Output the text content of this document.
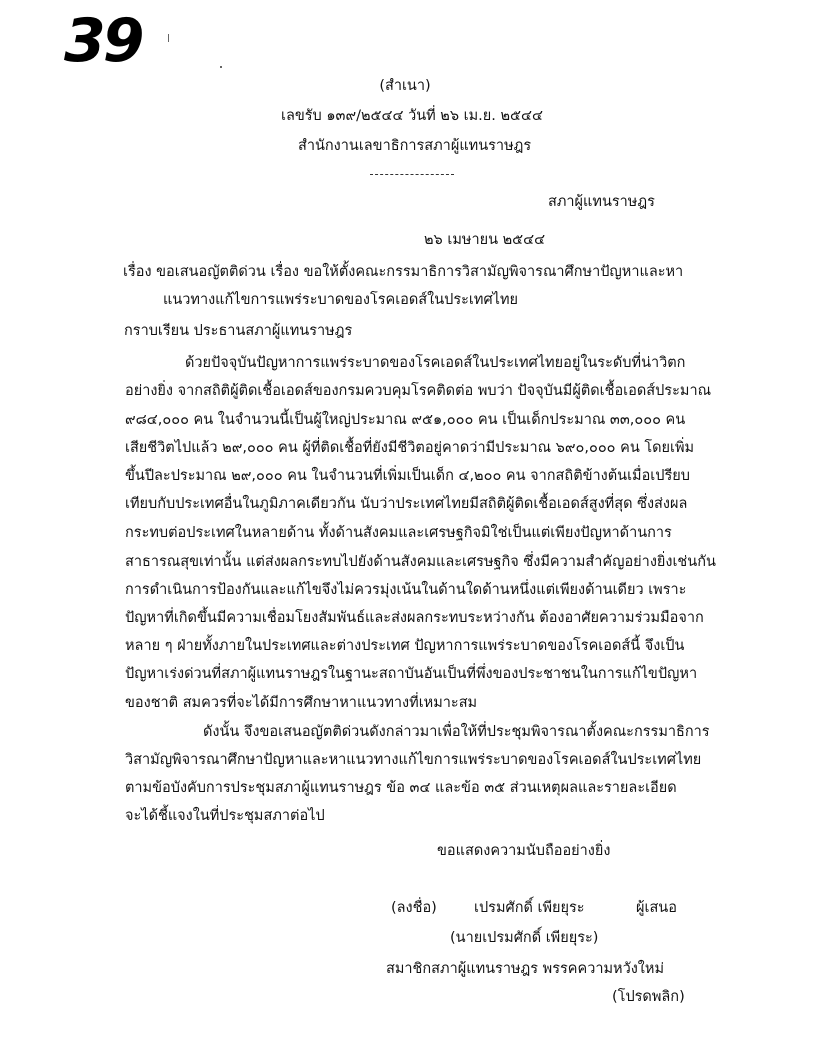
39
(สำเนา)
เลขรับ ๑๓๙/๒๕๔๔ วันที่ ๒๖ เม.ย. ๒๕๔๔
สำนักงานเลขาธิการสภาผู้แทนราษฎร
สภาผู้แทนราษฎร
๒๖ เมษายน ๒๕๔๔
เรื่อง ขอเสนอญัตติด่วน เรื่อง ขอให้ตั้งคณะกรรมาธิการวิสามัญพิจารณาศึกษาปัญหาและหา
แนวทางแก้ไขการแพร่ระบาดของโรคเอดส์ในประเทศไทย
กราบเรียน ประธานสภาผู้แทนราษฎร
ด้วยปัจจุบันปัญหาการแพร่ระบาดของโรคเอดส์ในประเทศไทยอยู่ในระดับที่น่าวิตก
อย่างยิ่ง จากสถิติผู้ติดเชื้อเอดส์ของกรมควบคุมโรคติดต่อ พบว่า ปัจจุบันมีผู้ติดเชื้อเอดส์ประมาณ
๙๘๔,๐๐๐ คน ในจำนวนนี้เป็นผู้ใหญ่ประมาณ ๙๕๑,๐๐๐ คน เป็นเด็กประมาณ ๓๓,๐๐๐ คน
เสียชีวิตไปแล้ว ๒๙,๐๐๐ คน ผู้ที่ติดเชื้อที่ยังมีชีวิตอยู่คาดว่ามีประมาณ ๖๙๐,๐๐๐ คน โดยเพิ่ม
ขึ้นปีละประมาณ ๒๙,๐๐๐ คน ในจำนวนที่เพิ่มเป็นเด็ก ๔,๒๐๐ คน จากสถิติข้างต้นเมื่อเปรียบ
เทียบกับประเทศอื่นในภูมิภาคเดียวกัน นับว่าประเทศไทยมีสถิติผู้ติดเชื้อเอดส์สูงที่สุด ซึ่งส่งผล
กระทบต่อประเทศในหลายด้าน ทั้งด้านสังคมและเศรษฐกิจมิใช่เป็นแต่เพียงปัญหาด้านการ
สาธารณสุขเท่านั้น แต่ส่งผลกระทบไปยังด้านสังคมและเศรษฐกิจ ซึ่งมีความสำคัญอย่างยิ่งเช่นกัน
การดำเนินการป้องกันและแก้ไขจึงไม่ควรมุ่งเน้นในด้านใดด้านหนึ่งแต่เพียงด้านเดียว เพราะ
ปัญหาที่เกิดขึ้นมีความเชื่อมโยงสัมพันธ์และส่งผลกระทบระหว่างกัน ต้องอาศัยความร่วมมือจาก
หลาย ๆ ฝ่ายทั้งภายในประเทศและต่างประเทศ ปัญหาการแพร่ระบาดของโรคเอดส์นี้ จึงเป็น
ปัญหาเร่งด่วนที่สภาผู้แทนราษฎรในฐานะสถาบันอันเป็นที่พึ่งของประชาชนในการแก้ไขปัญหา
ของชาติ สมควรที่จะได้มีการศึกษาหาแนวทางที่เหมาะสม
ดังนั้น จึงขอเสนอญัตติด่วนดังกล่าวมาเพื่อให้ที่ประชุมพิจารณาตั้งคณะกรรมาธิการ
วิสามัญพิจารณาศึกษาปัญหาและหาแนวทางแก้ไขการแพร่ระบาดของโรคเอดส์ในประเทศไทย
ตามข้อบังคับการประชุมสภาผู้แทนราษฎร ข้อ ๓๔ และข้อ ๓๕ ส่วนเหตุผลและรายละเอียด
จะได้ชี้แจงในที่ประชุมสภาต่อไป
ขอแสดงความนับถืออย่างยิ่ง
(ลงชื่อ)	เปรมศักดิ์ เพียยุระ	ผู้เสนอ
(นายเปรมศักดิ์ เพียยุระ)
สมาชิกสภาผู้แทนราษฎร พรรคความหวังใหม่
(โปรดพลิก)
